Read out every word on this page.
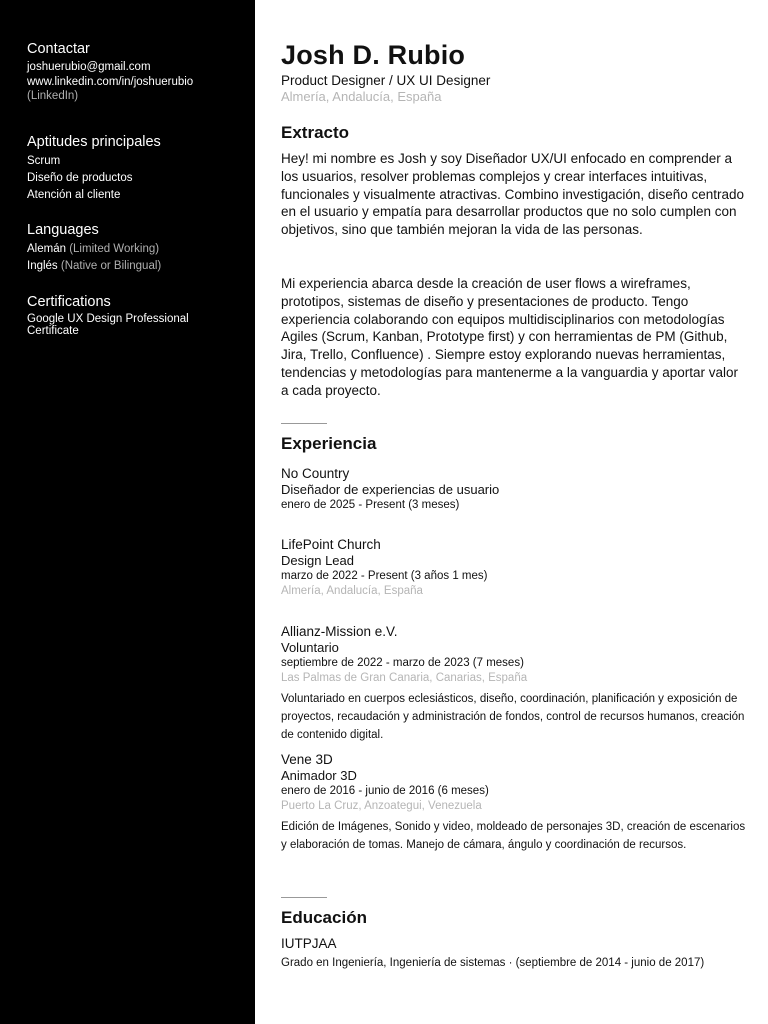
Contactar
joshuerubio@gmail.com
www.linkedin.com/in/joshuerubio
(LinkedIn)
Aptitudes principales
Scrum
Diseño de productos
Atención al cliente
Languages
Alemán (Limited Working)
Inglés (Native or Bilingual)
Certifications
Google UX Design Professional
Certificate
Josh D. Rubio
Product Designer / UX UI Designer
Almería, Andalucía, España
Extracto

Hey! mi nombre es Josh y soy Diseñador UX/UI enfocado en comprender a los usuarios, resolver problemas complejos y crear interfaces intuitivas, funcionales y visualmente atractivas. Combino investigación, diseño centrado en el usuario y empatía para desarrollar productos que no solo cumplen con objetivos, sino que también mejoran la vida de las personas.

Mi experiencia abarca desde la creación de user flows a wireframes, prototipos, sistemas de diseño y presentaciones de producto. Tengo experiencia colaborando con equipos multidisciplinarios con metodologías Agiles (Scrum, Kanban, Prototype first) y con herramientas de PM (Github, Jira, Trello, Confluence) . Siempre estoy explorando nuevas herramientas, tendencias y metodologías para mantenerme a la vanguardia y aportar valor a cada proyecto.

Experiencia
No Country
Diseñador de experiencias de usuario
enero de 2025 - Present (3 meses)
LifePoint Church
Design Lead
marzo de 2022 - Present (3 años 1 mes)
Almería, Andalucía, España
Allianz-Mission e.V.
Voluntario
septiembre de 2022 - marzo de 2023 (7 meses)
Las Palmas de Gran Canaria, Canarias, España
Voluntariado en cuerpos eclesiásticos, diseño, coordinación, planificación y exposición de proyectos, recaudación y administración de fondos, control de recursos humanos, creación de contenido digital.
Vene 3D
Animador 3D
enero de 2016 - junio de 2016 (6 meses)
Puerto La Cruz, Anzoategui, Venezuela
Edición de Imágenes, Sonido y video, moldeado de personajes 3D, creación de escenarios y elaboración de tomas. Manejo de cámara, ángulo y coordinación de recursos.
Educación
IUTPJAA
Grado en Ingeniería, Ingeniería de sistemas · (septiembre de 2014 - junio de 2017)
